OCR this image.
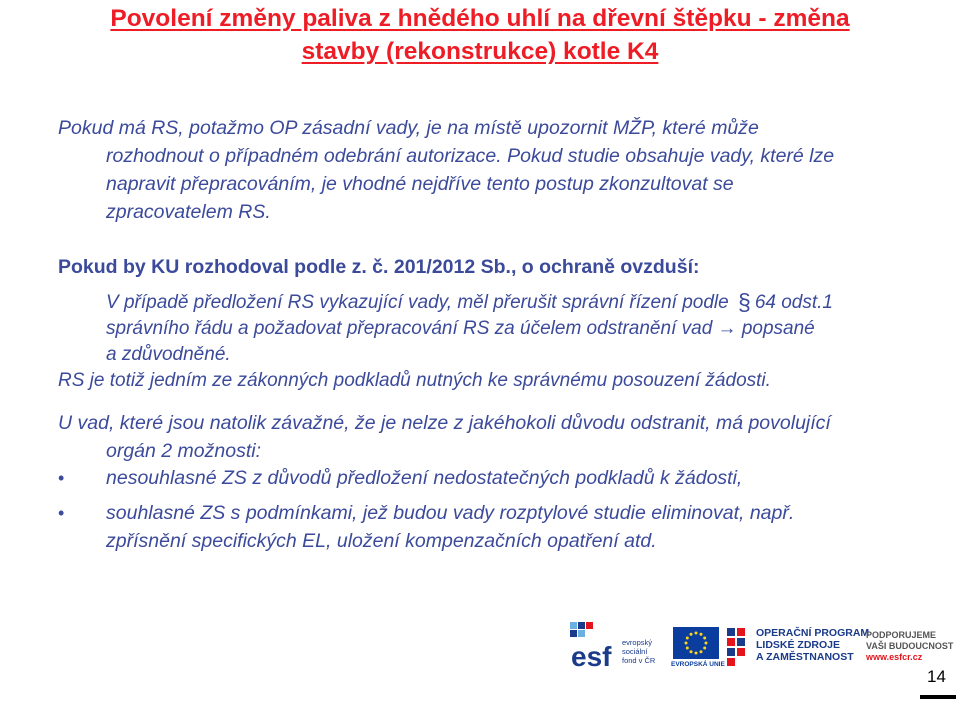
Povolení změny paliva z hnědého uhlí na dřevní štěpku - změna
stavby (rekonstrukce) kotle K4

Pokud má RS, potažmo OP zásadní vady, je na místě upozornit MŽP, které může
rozhodnout o případném odebrání autorizace. Pokud studie obsahuje vady, které lze
napravit přepracováním, je vhodné nejdříve tento postup zkonzultovat se
zpracovatelem RS.

Pokud by KU rozhodoval podle z. č. 201/2012 Sb., o ochraně ovzduší:

V případě předložení RS vykazující vady, měl přerušit správní řízení podle § 64 odst.1
správního řádu a požadovat přepracování RS za účelem odstranění vad → popsané
a zdůvodněné.
RS je totiž jedním ze zákonných podkladů nutných ke správnému posouzení žádosti.

U vad, které jsou natolik závažné, že je nelze z jakéhokoli důvodu odstranit, má povolující
orgán 2 možnosti:

• nesouhlasné ZS z důvodů předložení nedostatečných podkladů k žádosti,
• souhlasné ZS s podmínkami, jež budou vady rozptylové studie eliminovat, např.
zpřísnění specifických EL, uložení kompenzačních opatření atd.
esf evropský sociální fond v ČR	EVROPSKÁ UNIE
OPERAČNÍ PROGRAM
LIDSKÉ ZDROJE
A ZAMĚSTNANOST
PODPORUJEME
VAŠI BUDOUCNOST
www.esfcr.cz
14
